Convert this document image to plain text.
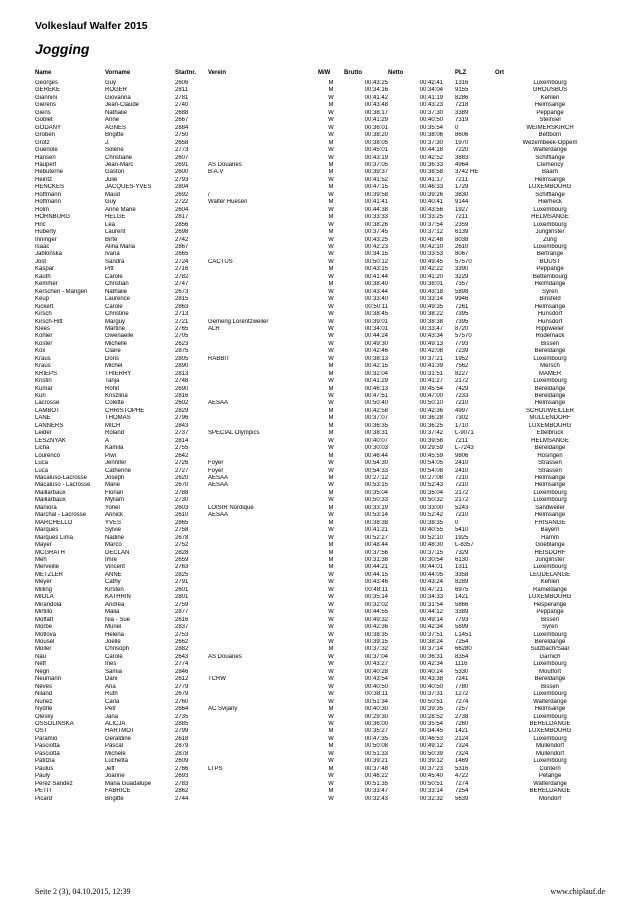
Volkeslauf Walfer 2015
Jogging
Name	Vorname	Startnr.	Verein	M/W	Brutto	Netto		PLZ	Ort
Georges	Guy	2606		M	00:43:25	00:42:41		1316	Luxembourg
GEREKE	ROGER	2811		M	00:34:16	00:34:04		9155	GROUSBUS
Giannini	Giovanna	2781		W	00:41:42	00:41:19		8286	Kehlen
Gierens	Jean-Claude	2740		M	00:43:48	00:43:23		7218	Helmsange
Giens	Nathalie	2688		W	00:38:17	00:37:30		3389	Peppange
Goblet	Anne	2667		W	00:41:29	00:40:50		7319	Steinsel
GODANY	AGNES	2884		W	00:36:01	00:35:54		0	WEIMERSKIRCH
Groben	Brigitte	2750		W	00:38:20	00:38:06		8606	Bettborn
Grotz	J.	2658		M	00:38:05	00:37:30		1970	Wezembeek-Oppem
Guenole	Solène	2773		W	00:45:01	00:44:18		7220	Walferdange
Hansen	Christiane	2607		W	00:43:19	00:42:52		3883	Schifflange
Haupert	Jean-Marc	2691	AS Douanes	M	00:37:05	00:36:33		4964	Clemency
Hebuterne	Gaston	2600	B.A.V	M	00:39:37	00:38:58		3742 HE	Baarn
Heintz	Julie	2793		W	00:41:52	00:41:17		7211	Helmsange
HENCKES	JACQUES-YVES	2804		M	00:47:15	00:46:33		1729	LUXEMBOURG
Hoffmann	Maud	2692	/	W	00:39:58	00:39:26		3830	Schifflange
Hoffmann	Guy	2722	Walfer Huesen	M	00:41:41	00:40:41		9144	Hierheck
Holm	Anne Marie	2604		W	00:44:38	00:43:56		1927	Luxembourg
HORNBURG	HELGE	2817		M	00:33:33	00:33:25		7211	HELMSANGE
Hric	Lea	2856		W	00:38:26	00:37:54		2359	Luxembourg
Huberty	Laurent	2698		M	00:37:45	00:37:12		6139	Junglinster
Inninger	Birte	2742		W	00:43:25	00:42:48		8038	Zurig
Isaac	Alina Maria	2867		W	00:42:23	00:42:10		2610	Luxembourg
Jablonska	Ivana	2665		W	00:34:15	00:33:53		8067	Bertrange
Jost	Sandra	2724	CACTUS	W	00:50:12	00:49:45		57570	BOUST
Kaspar	Pitt	2716		M	00:43:15	00:42:22		3390	Peppange
Kauth	Carole	2782		W	00:41:44	00:41:20		3229	Bettembourg
Kemmer	Christian	2747		M	00:38:40	00:38:01		7357	Helmdange
Kerschen - Mangen	Nathalie	2673		W	00:43:44	00:43:18		5898	Syren
Keup	Laurence	2815		W	00:33:40	00:33:14		9946	Binsfeld
Kickert	Carole	2863		W	00:50:11	00:49:35		7261	Helmsange
Kirsch	Christine	2713		W	00:38:45	00:38:22		7395	Hunsdorf
Kirsch-Hitt	Marguy	2721	Gemeng Lorentzweiler	W	00:39:01	00:38:38		7395	Hunsdorf
Klees	Martine	2765	ALR	W	00:34:01	00:33:47		8720	Rippweiler
Kohler	Gwenaelle	2705		W	00:44:24	00:43:34		57570	Rodemack
Koster	Michelle	2623		W	00:49:30	00:49:13		7793	Bissen
Kox	Claire	2875		W	00:42:46	00:42:08		7239	Bereldange
Kraus	Doris	2805	RABBIT	W	00:38:13	00:37:21		1952	Luxembourg
Kraus	Michel	2890		M	00:42:15	00:41:39		7562	Mersch
KRIEPS	THIERRY	2813		M	00:32:04	00:31:51		8227	MAMER
Kristin	Tanja	2748		W	00:41:29	00:41:27		2172	Luxembourg
Kumar	Rohit	2690		M	00:46:13	00:45:54		7429	Bereldange
Küri	Kriszlina	2816		W	00:47:51	00:47:00		7233	Bereldange
Lacrosse	Colette	2602	AESAA	W	00:50:40	00:50:10		7210	Helmsange
LAMBOT	CHRISTOPHE	2829		M	00:42:58	00:42:36		4997	SCHOUWEILLER
LANE	THOMAS	2796		M	00:37:07	00:36:28		7302	MULLENDORF
LANNERS	MICH	2843		M	00:36:35	00:36:25		1710	LUXEMBOURG
Leider	Roland	2737	SPECIAL Olympics	M	00:38:31	00:37:42		L-9071	Ettelbruck
LESZNYAK	A	2814		W	00:40:07	00:39:58		7211	HELMSANGE
Licha	Kamila	2755		W	00:30:03	00:29:59		L-7243	Bereldange
Lourenco	Piwi	2642		M	00:46:44	00:45:59		9806	Hosingen
Luca	Jennifer	2726	Foyer	W	00:54:30	00:54:05		2410	Strassen
Luca	Catherine	2727	Foyer	W	00:54:33	00:54:08		2410	Strassen
Macaluso-Lacrosse	Joseph	2620	AESAA	M	00:27:12	00:27:08		7210	Helmsange
Macaluso - Lacrosse	Marie	2670	AESAA	W	00:53:15	00:52:43		7210	Helmsange
Maillarbaux	Florian	2788		M	00:35:04	00:35:04		2172	Luxembourg
Maillarbaux	Myliam	2730		W	00:50:33	00:50:32		2172	Luxembourg
Maniora	Yonel	2603	LOISIR Nordique	M	00:33:19	00:33:00		5243	Sandweiler
Marchal - Lacrosse	Annick	2610	AESAA	W	00:53:14	00:52:42		7210	Helmsange
MARCHELLO	YVES	2865		M	00:38:38	00:38:35		0	FRISANGE
Marques	Sylvie	2758		W	00:41:21	00:40:55		5410	Bayern
Marques Lima	Nadine	2678		W	00:52:27	00:52:10		1925	Hamm
Mayer	Marco	2752		M	00:48:44	00:48:30		L-8357	Goeblange
MCGRATH	DECLAN	2828		M	00:37:56	00:37:15		7329	HEISDORF
Meh	Imre	2659		M	00:31:38	00:30:54		6130	Junglinster
Merveille	Vincent	2763		M	00:44:21	00:44:01		1311	Luxembourg
METZLER	ANNE	2825		W	00:44:15	00:44:05		3358	LEUDELANGE
Meyer	Cathy	2791		W	00:43:46	00:43:24		8289	Kehlen
Milling	Kirsten	2601		W	00:48:11	00:47:21		6975	Rameldange
MIOLA	KATHRIN	2801		W	00:35:14	00:34:33		1421	LUXEMBOURG
Mirandola	Andrea	2759		W	00:32:02	00:31:54		5866	Hesperange
Mirtillo	Malia	2877		W	00:44:55	00:44:12		3389	Peppange
Moffatt	Nia - Sue	2616		W	00:49:32	00:49:14		7793	Bissen
Morbe	Muriel	2837		W	00:42:36	00:42:34		5899	Syren
Motlova	Helena	2753		W	00:38:35	00:37:51		L1451	Luxembourg
Mousel	Joelle	2662		W	00:39:15	00:38:24		7254	Bereldange
Müller	Chrisoph	2882		M	00:37:32	00:37:14		66280	Sulzbach/Saar
Nau	Carole	2643	AS Douanes	W	00:37:04	00:36:31		8354	Garnich
Neff	Ines	2774		W	00:43:27	00:42:34		1116	Luxembourg
Negri	Samia	2846		W	00:40:28	00:40:24		5330	Moutfort
Neumann	Dani	2612	TCRW	W	00:43:54	00:43:38		7241	Bereldange
Neves	Ana	2779		W	00:40:50	00:40:50		7780	Bissen
Niland	Ruth	2679		W	00:38:11	00:37:31		1272	Luxembourg
Nunez	Carla	2760		W	00:51:34	00:50:51		7274	Walferdange
Nydrle	Petr	2664	AC Svijany	M	00:40:30	00:39:35		7257	Helmsange
Olesky	Jana	2735		W	00:29:30	00:28:52		2738	Luxembourg
OSSOLINSKA	ALICJA	2885		W	00:36:00	00:35:54		7260	BERELDANGE
OST	HARTMOT	2799		M	00:35:27	00:34:45		1421	LUXEMBOURG
Paramio	Geraldine	2618		W	00:47:35	00:46:53		2124	Luxembourg
Pasciotta	Pascal	2879		M	00:50:08	00:49:12		7324	Mullendorf
Pasciotta	Michèle	2878		W	00:51:33	00:50:39		7324	Mullendorf
Patitzia	Luchetta	2609		W	00:39:21	00:39:12		1469	Luxembourg
Paulus	Jeff	2766	LTPS	M	00:37:48	00:37:23		5316	Contern
Pauly	Joanne	2693		W	00:46:22	00:45:40		4722	Pétange
Perez Sandez	Maria Guadalupe	2783		W	00:51:35	00:50:51		7274	Walferdange
PETIT	FABRICE	2862		M	00:33:47	00:33:14		7254	BERELDANGE
Picard	Brigitte	2744		W	00:32:43	00:32:32		5639	Mondorf
Seite 2 (3), 04.10.2015, 12:39	www.chiplauf.de
